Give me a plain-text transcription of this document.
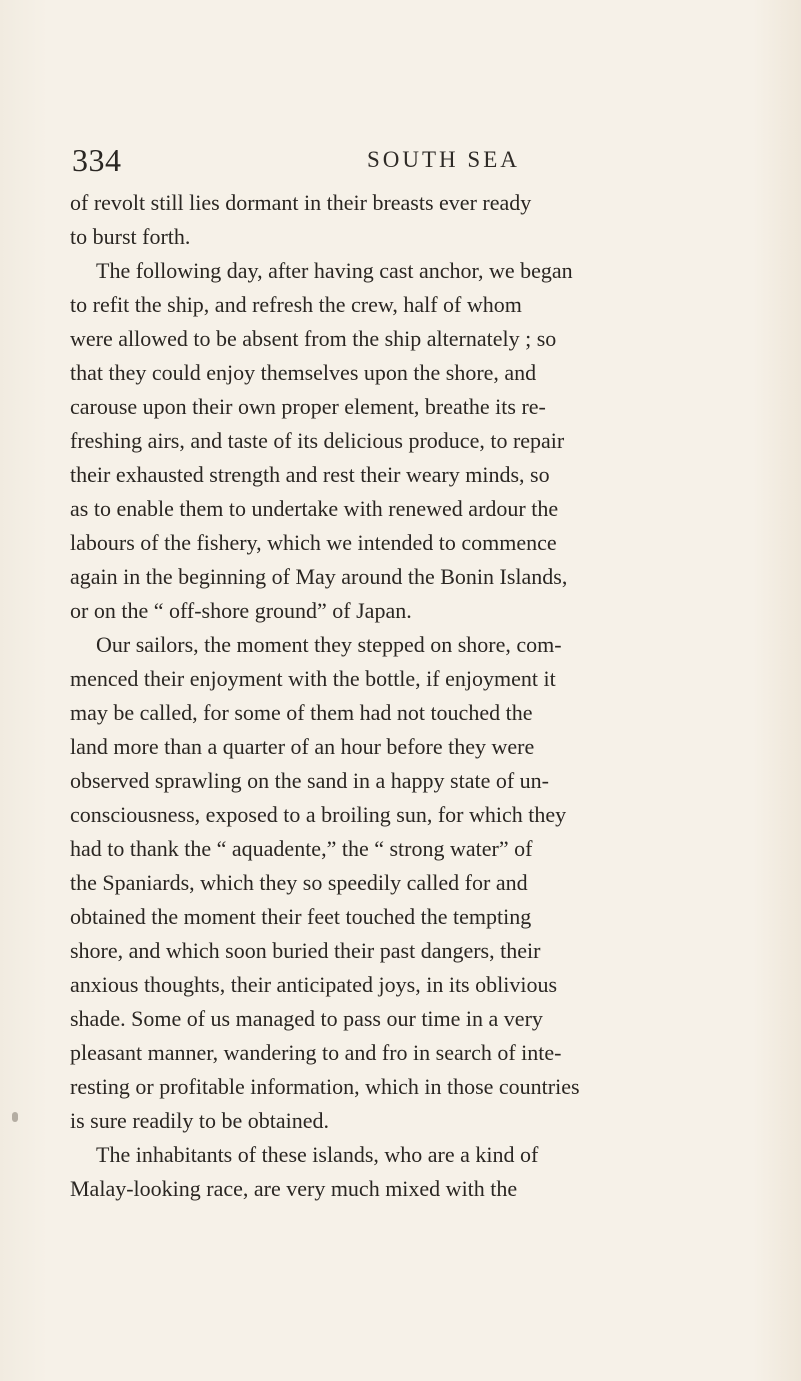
334	SOUTH SEA
of revolt still lies dormant in their breasts ever ready
to burst forth.
The following day, after having cast anchor, we began
to refit the ship, and refresh the crew, half of whom
were allowed to be absent from the ship alternately ; so
that they could enjoy themselves upon the shore, and
carouse upon their own proper element, breathe its re-
freshing airs, and taste of its delicious produce, to repair
their exhausted strength and rest their weary minds, so
as to enable them to undertake with renewed ardour the
labours of the fishery, which we intended to commence
again in the beginning of May around the Bonin Islands,
or on the “ off-shore ground” of Japan.
Our sailors, the moment they stepped on shore, com-
menced their enjoyment with the bottle, if enjoyment it
may be called, for some of them had not touched the
land more than a quarter of an hour before they were
observed sprawling on the sand in a happy state of un-
consciousness, exposed to a broiling sun, for which they
had to thank the “ aquadente,” the “ strong water” of
the Spaniards, which they so speedily called for and
obtained the moment their feet touched the tempting
shore, and which soon buried their past dangers, their
anxious thoughts, their anticipated joys, in its oblivious
shade. Some of us managed to pass our time in a very
pleasant manner, wandering to and fro in search of inte-
resting or profitable information, which in those countries
is sure readily to be obtained.
The inhabitants of these islands, who are a kind of
Malay-looking race, are very much mixed with the
